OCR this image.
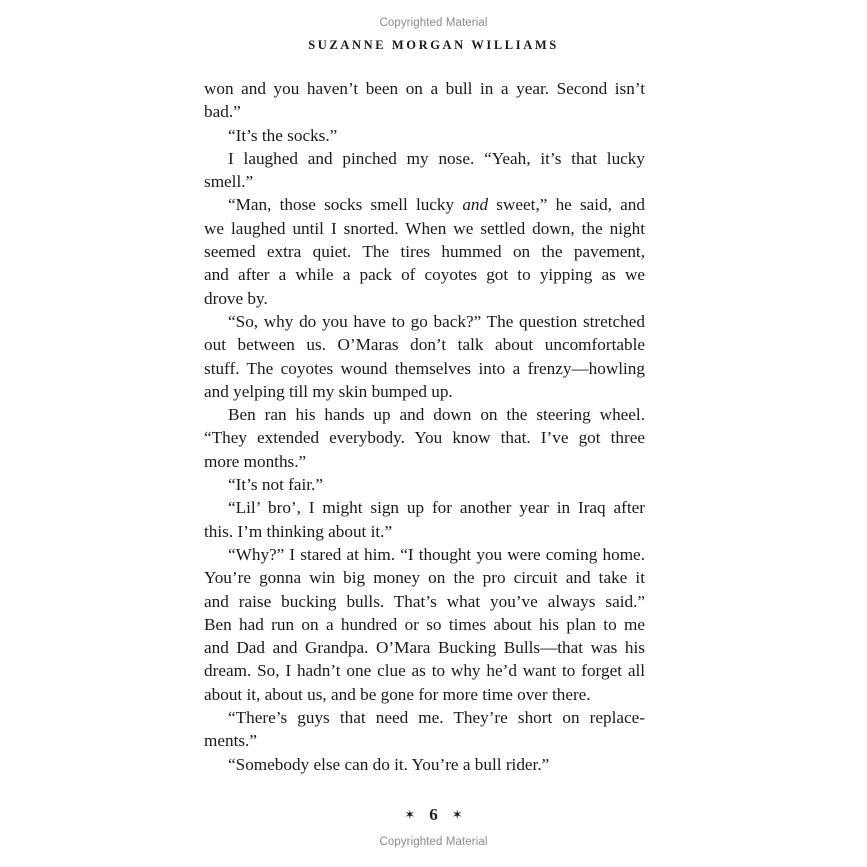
Copyrighted Material
SUZANNE MORGAN WILLIAMS
won and you haven’t been on a bull in a year. Second isn’t
bad.”
“It’s the socks.”
I laughed and pinched my nose. “Yeah, it’s that lucky
smell.”
“Man, those socks smell lucky and sweet,” he said, and
we laughed until I snorted. When we settled down, the night
seemed extra quiet. The tires hummed on the pavement,
and after a while a pack of coyotes got to yipping as we
drove by.
“So, why do you have to go back?” The question stretched
out between us. O’Maras don’t talk about uncomfortable
stuff. The coyotes wound themselves into a frenzy—howling
and yelping till my skin bumped up.
Ben ran his hands up and down on the steering wheel.
“They extended everybody. You know that. I’ve got three
more months.”
“It’s not fair.”
“Lil’ bro’, I might sign up for another year in Iraq after
this. I’m thinking about it.”
“Why?” I stared at him. “I thought you were coming home.
You’re gonna win big money on the pro circuit and take it
and raise bucking bulls. That’s what you’ve always said.”
Ben had run on a hundred or so times about his plan to me
and Dad and Grandpa. O’Mara Bucking Bulls—that was his
dream. So, I hadn’t one clue as to why he’d want to forget all
about it, about us, and be gone for more time over there.
“There’s guys that need me. They’re short on replace-
ments.”
“Somebody else can do it. You’re a bull rider.”
✶ 6 ✶
Copyrighted Material
